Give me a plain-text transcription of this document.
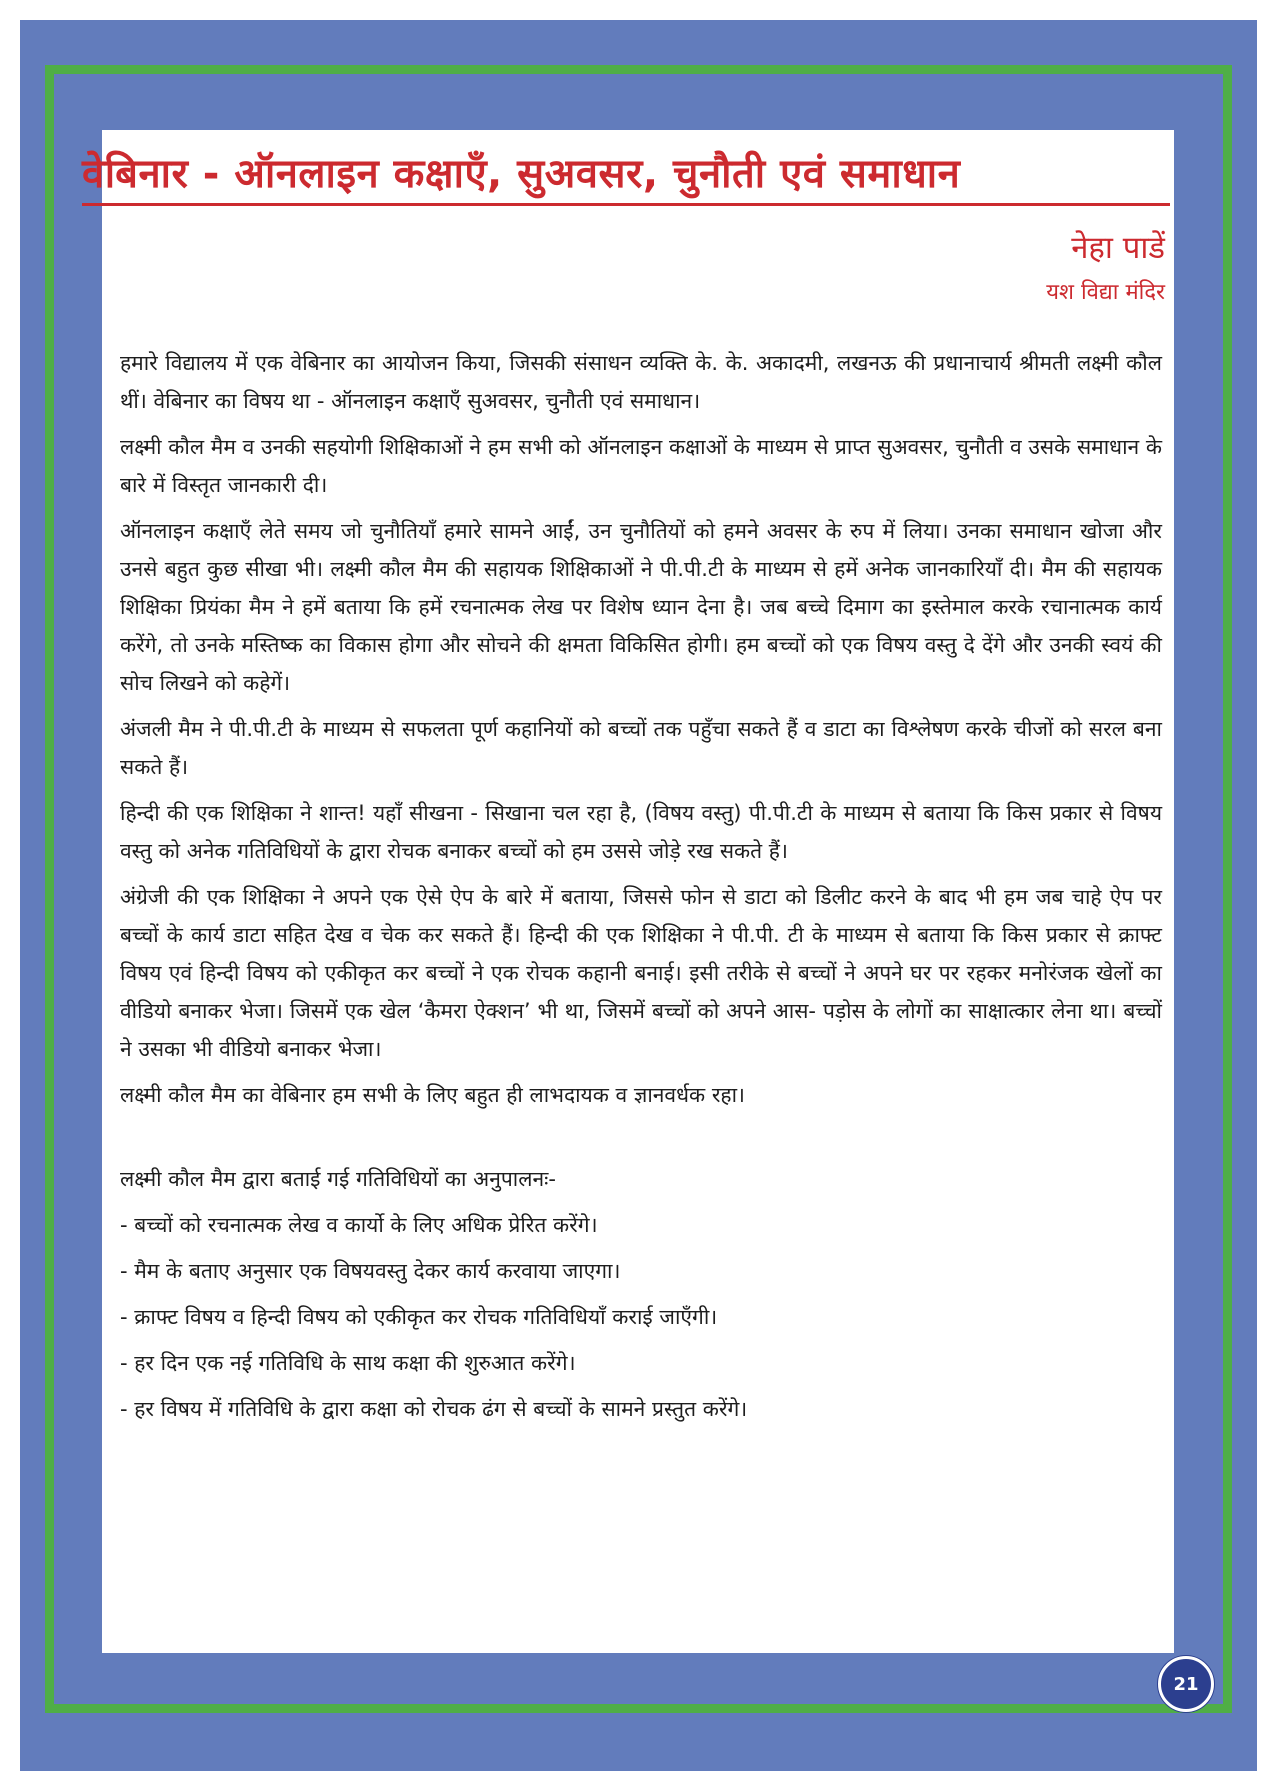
वेबिनार - ऑनलाइन कक्षाएँ, सुअवसर, चुनौती एवं समाधान
नेहा पाडें
यश विद्या मंदिर

हमारे विद्यालय में एक वेबिनार का आयोजन किया, जिसकी संसाधन व्यक्ति के. के. अकादमी, लखनऊ की प्रधानाचार्य श्रीमती लक्ष्मी कौल थीं। वेबिनार का विषय था - ऑनलाइन कक्षाएँ सुअवसर, चुनौती एवं समाधान।

लक्ष्मी कौल मैम व उनकी सहयोगी शिक्षिकाओं ने हम सभी को ऑनलाइन कक्षाओं के माध्यम से प्राप्त सुअवसर, चुनौती व उसके समाधान के बारे में विस्तृत जानकारी दी।

ऑनलाइन कक्षाएँ लेते समय जो चुनौतियाँ हमारे सामने आईं, उन चुनौतियों को हमने अवसर के रुप में लिया। उनका समाधान खोजा और उनसे बहुत कुछ सीखा भी। लक्ष्मी कौल मैम की सहायक शिक्षिकाओं ने पी.पी.टी के माध्यम से हमें अनेक जानकारियाँ दी। मैम की सहायक शिक्षिका प्रियंका मैम ने हमें बताया कि हमें रचनात्मक लेख पर विशेष ध्यान देना है। जब बच्चे दिमाग का इस्तेमाल करके रचानात्मक कार्य करेंगे, तो उनके मस्तिष्क का विकास होगा और सोचने की क्षमता विकिसित होगी। हम बच्चों को एक विषय वस्तु दे देंगे और उनकी स्वयं की सोच लिखने को कहेगें।

अंजली मैम ने पी.पी.टी के माध्यम से सफलता पूर्ण कहानियों को बच्चों तक पहुँचा सकते हैं व डाटा का विश्लेषण करके चीजों को सरल बना सकते हैं।

हिन्दी की एक शिक्षिका ने शान्त! यहाँ सीखना - सिखाना चल रहा है, (विषय वस्तु) पी.पी.टी के माध्यम से बताया कि किस प्रकार से विषय वस्तु को अनेक गतिविधियों के द्वारा रोचक बनाकर बच्चों को हम उससे जोड़े रख सकते हैं।

अंग्रेजी की एक शिक्षिका ने अपने एक ऐसे ऐप के बारे में बताया, जिससे फोन से डाटा को डिलीट करने के बाद भी हम जब चाहे ऐप पर बच्चों के कार्य डाटा सहित देख व चेक कर सकते हैं। हिन्दी की एक शिक्षिका ने पी.पी. टी के माध्यम से बताया कि किस प्रकार से क्राफ्ट विषय एवं हिन्दी विषय को एकीकृत कर बच्चों ने एक रोचक कहानी बनाई। इसी तरीके से बच्चों ने अपने घर पर रहकर मनोरंजक खेलों का वीडियो बनाकर भेजा। जिसमें एक खेल ‘कैमरा ऐक्शन’ भी था, जिसमें बच्चों को अपने आस- पड़ोस के लोगों का साक्षात्कार लेना था। बच्चों ने उसका भी वीडियो बनाकर भेजा।

लक्ष्मी कौल मैम का वेबिनार हम सभी के लिए बहुत ही लाभदायक व ज्ञानवर्धक रहा।

लक्ष्मी कौल मैम द्वारा बताई गई गतिविधियों का अनुपालनः-

- बच्चों को रचनात्मक लेख व कार्यो के लिए अधिक प्रेरित करेंगे।

- मैम के बताए अनुसार एक विषयवस्तु देकर कार्य करवाया जाएगा।

- क्राफ्ट विषय व हिन्दी विषय को एकीकृत कर रोचक गतिविधियाँ कराई जाएँगी।

- हर दिन एक नई गतिविधि के साथ कक्षा की शुरुआत करेंगे।

- हर विषय में गतिविधि के द्वारा कक्षा को रोचक ढंग से बच्चों के सामने प्रस्तुत करेंगे।

21
